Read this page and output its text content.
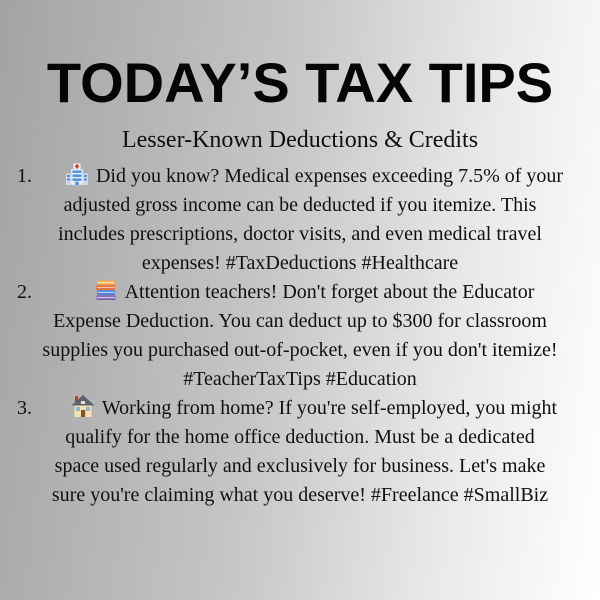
TODAY’S TAX TIPS
Lesser-Known Deductions & Credits
1.	Did you know? Medical expenses exceeding 7.5% of your
adjusted gross income can be deducted if you itemize. This
includes prescriptions, doctor visits, and even medical travel
expenses! #TaxDeductions #Healthcare
2.	Attention teachers! Don't forget about the Educator
Expense Deduction. You can deduct up to $300 for classroom
supplies you purchased out-of-pocket, even if you don't itemize!
#TeacherTaxTips #Education
3.	Working from home? If you're self-employed, you might
qualify for the home office deduction. Must be a dedicated
space used regularly and exclusively for business. Let's make
sure you're claiming what you deserve! #Freelance #SmallBiz
